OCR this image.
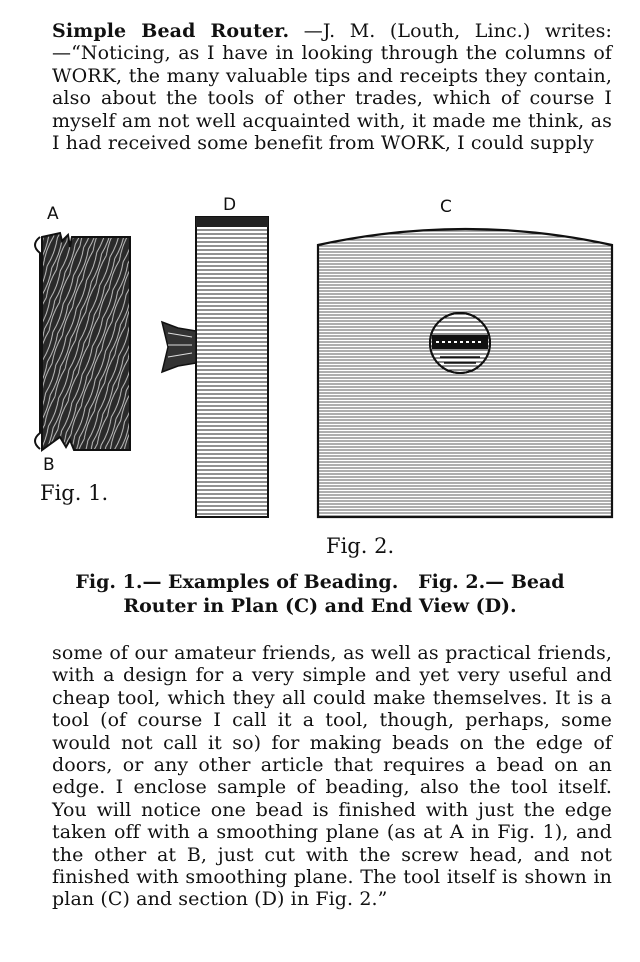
Simple Bead Router. —J. M. (Louth, Linc.) writes:—“Noticing, as I have in looking through the columns of WORK, the many valuable tips and receipts they contain, also about the tools of other trades, which of course I myself am not well acquainted with, it made me think, as I had received some benefit from WORK, I could supply
A
B
D	C
Fig. 1.
Fig. 2.
Fig. 1.— Examples of Beading.   Fig. 2.— Bead
Router in Plan (C) and End View (D).
some of our amateur friends, as well as practical friends, with a design for a very simple and yet very useful and cheap tool, which they all could make themselves. It is a tool (of course I call it a tool, though, perhaps, some would not call it so) for making beads on the edge of doors, or any other article that requires a bead on an edge. I enclose sample of beading, also the tool itself. You will notice one bead is finished with just the edge taken off with a smoothing plane (as at A in Fig. 1), and the other at B, just cut with the screw head, and not finished with smoothing plane. The tool itself is shown in plan (C) and section (D) in Fig. 2.”
